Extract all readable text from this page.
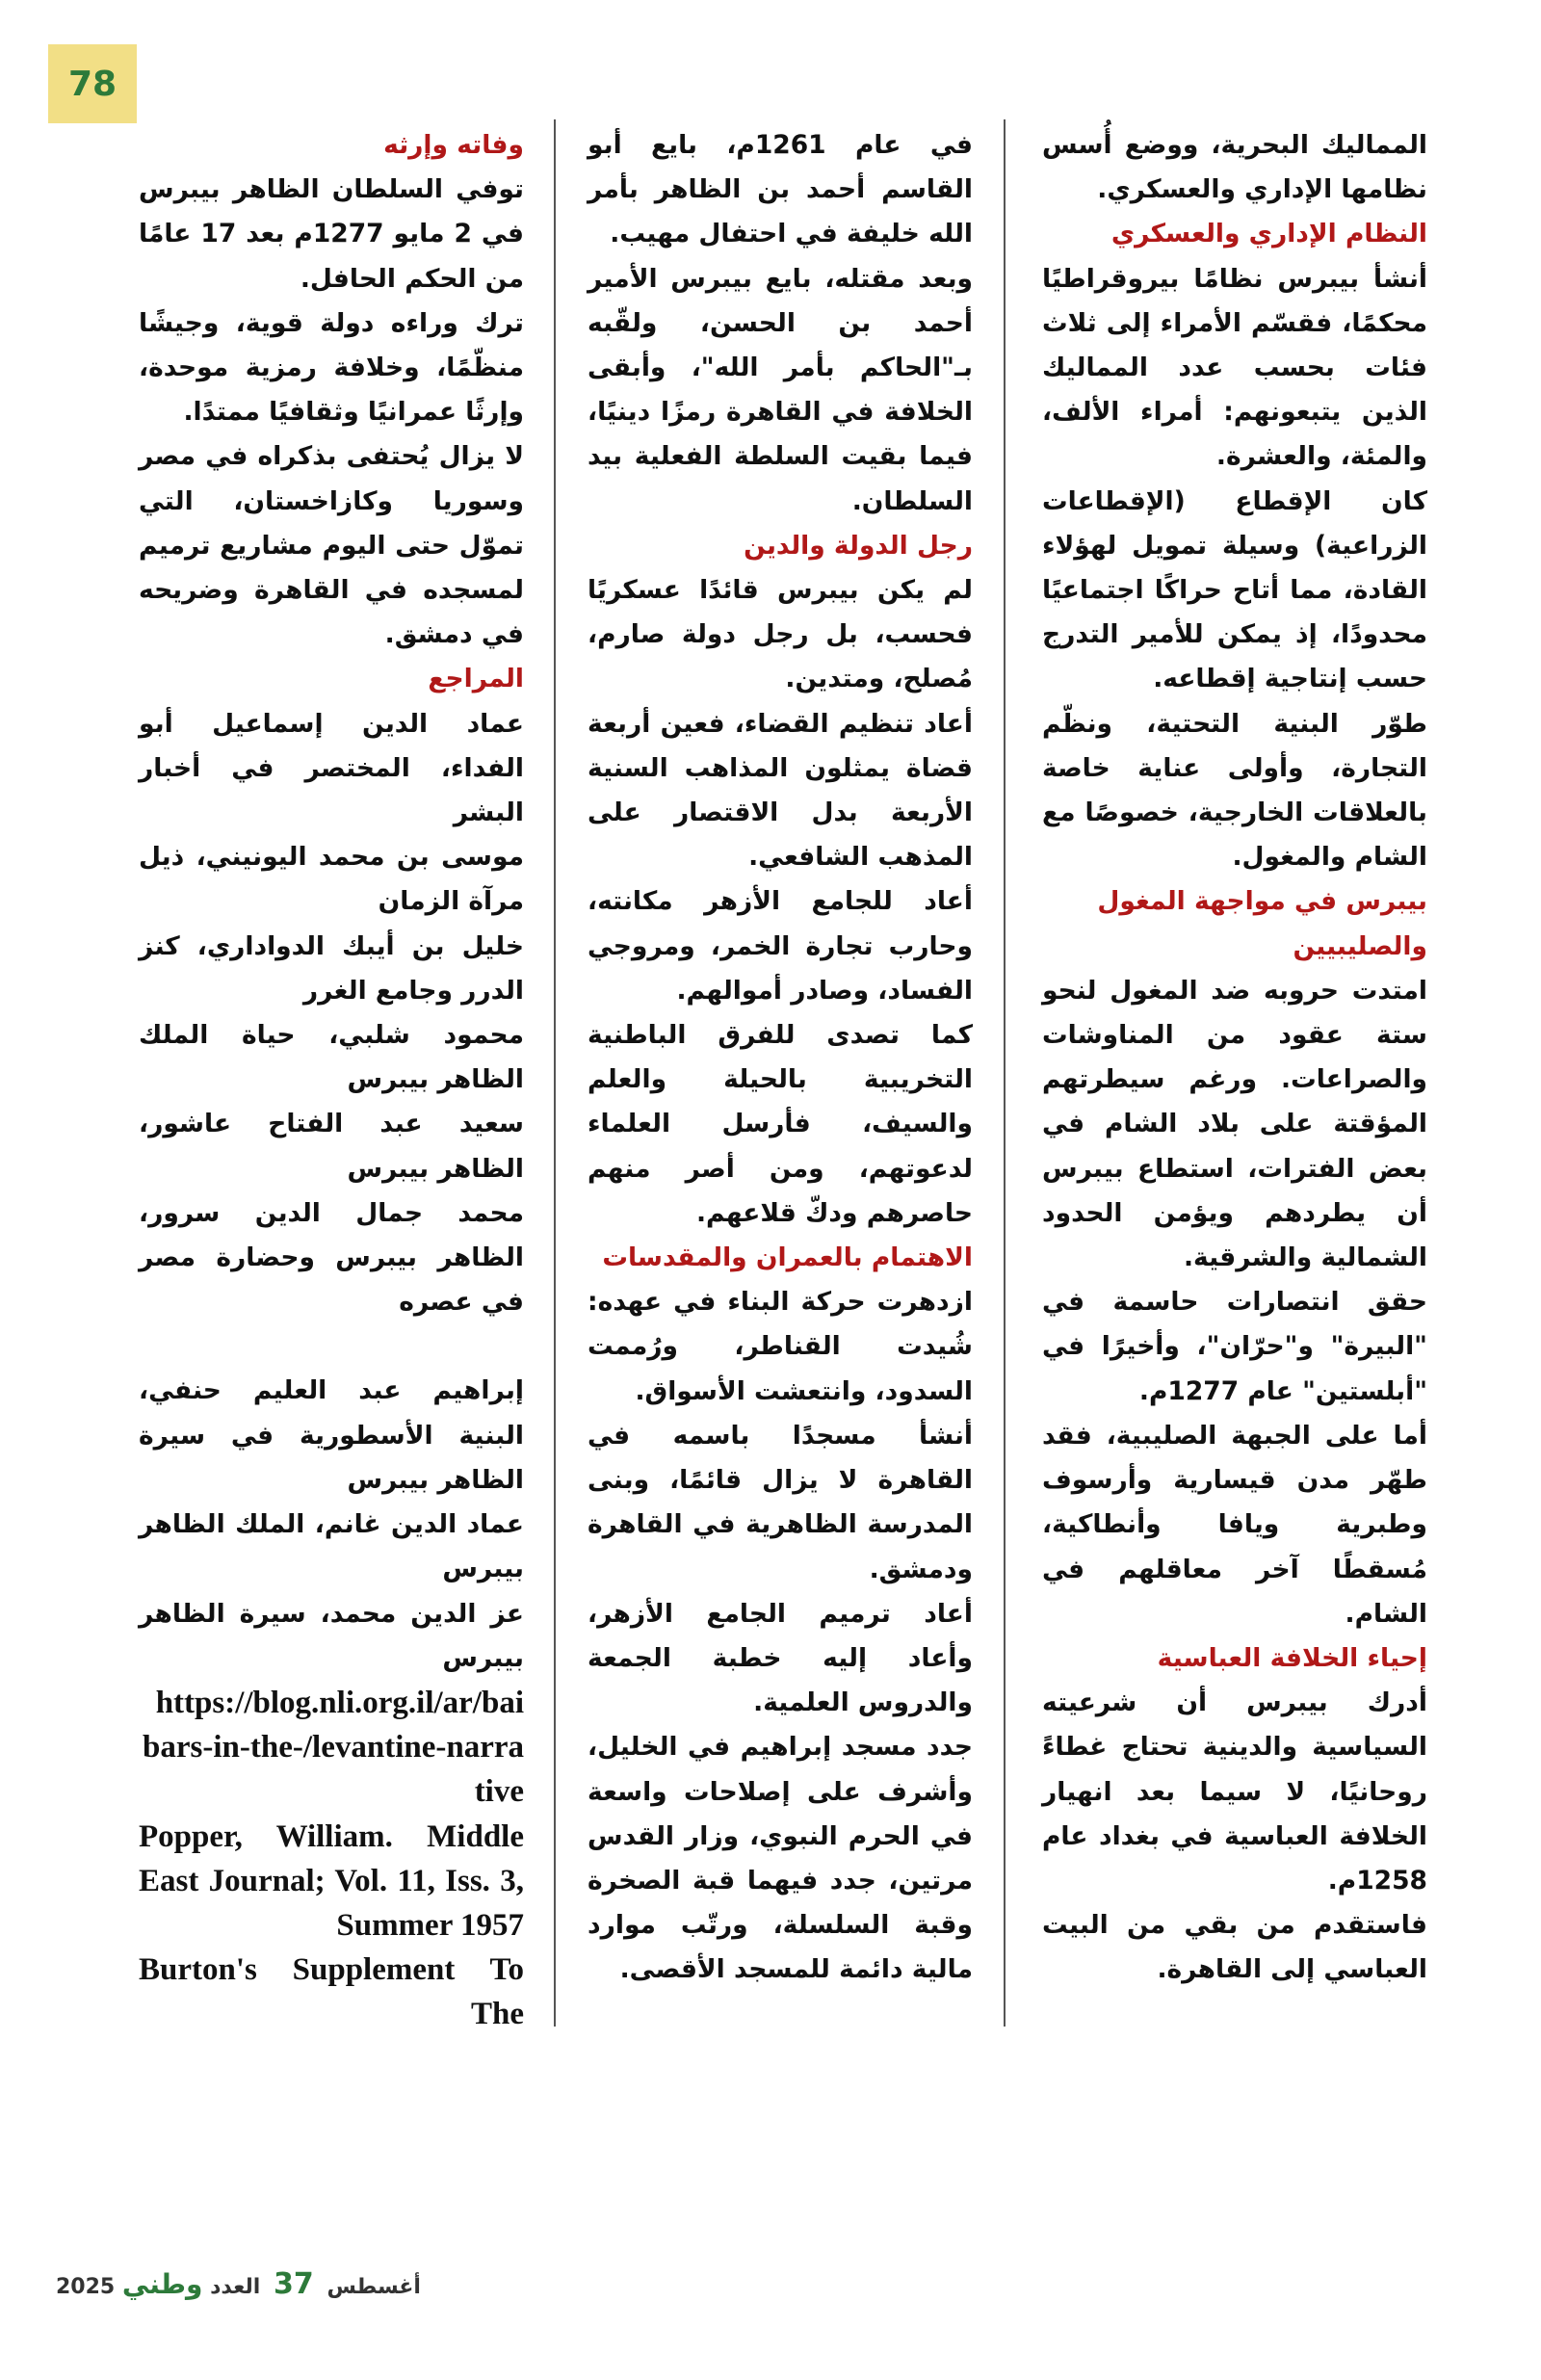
78

المماليك البحرية، ووضع أُسس نظامها الإداري والعسكري.

النظام الإداري والعسكري

أنشأ بيبرس نظامًا بيروقراطيًا محكمًا، فقسّم الأمراء إلى ثلاث فئات بحسب عدد المماليك الذين يتبعونهم: أمراء الألف، والمئة، والعشرة.

كان الإقطاع (الإقطاعات الزراعية) وسيلة تمويل لهؤلاء القادة، مما أتاح حراكًا اجتماعيًا محدودًا، إذ يمكن للأمير التدرج حسب إنتاجية إقطاعه.

طوّر البنية التحتية، ونظّم التجارة، وأولى عناية خاصة بالعلاقات الخارجية، خصوصًا مع الشام والمغول.

بيبرس في مواجهة المغول والصليبيين

امتدت حروبه ضد المغول لنحو ستة عقود من المناوشات والصراعات. ورغم سيطرتهم المؤقتة على بلاد الشام في بعض الفترات، استطاع بيبرس أن يطردهم ويؤمن الحدود الشمالية والشرقية.

حقق انتصارات حاسمة في "البيرة" و"حرّان"، وأخيرًا في "أبلستين" عام 1277م.

أما على الجبهة الصليبية، فقد طهّر مدن قيسارية وأرسوف وطبرية ويافا وأنطاكية، مُسقطًا آخر معاقلهم في الشام.

إحياء الخلافة العباسية

أدرك بيبرس أن شرعيته السياسية والدينية تحتاج غطاءً روحانيًا، لا سيما بعد انهيار الخلافة العباسية في بغداد عام 1258م.

فاستقدم من بقي من البيت العباسي إلى القاهرة.

في عام 1261م، بايع أبو القاسم أحمد بن الظاهر بأمر الله خليفة في احتفال مهيب.

وبعد مقتله، بايع بيبرس الأمير أحمد بن الحسن، ولقّبه بـ"الحاكم بأمر الله"، وأبقى الخلافة في القاهرة رمزًا دينيًا، فيما بقيت السلطة الفعلية بيد السلطان.

رجل الدولة والدين

لم يكن بيبرس قائدًا عسكريًا فحسب، بل رجل دولة صارم، مُصلح، ومتدين.

أعاد تنظيم القضاء، فعين أربعة قضاة يمثلون المذاهب السنية الأربعة بدل الاقتصار على المذهب الشافعي.

أعاد للجامع الأزهر مكانته، وحارب تجارة الخمر، ومروجي الفساد، وصادر أموالهم.

كما تصدى للفرق الباطنية التخريبية بالحيلة والعلم والسيف، فأرسل العلماء لدعوتهم، ومن أصر منهم حاصرهم ودكّ قلاعهم.

الاهتمام بالعمران والمقدسات

ازدهرت حركة البناء في عهده: شُيدت القناطر، ورُممت السدود، وانتعشت الأسواق.

أنشأ مسجدًا باسمه في القاهرة لا يزال قائمًا، وبنى المدرسة الظاهرية في القاهرة ودمشق.

أعاد ترميم الجامع الأزهر، وأعاد إليه خطبة الجمعة والدروس العلمية.

جدد مسجد إبراهيم في الخليل، وأشرف على إصلاحات واسعة في الحرم النبوي، وزار القدس مرتين، جدد فيهما قبة الصخرة وقبة السلسلة، ورتّب موارد مالية دائمة للمسجد الأقصى.

وفاته وإرثه

توفي السلطان الظاهر بيبرس في 2 مايو 1277م بعد 17 عامًا من الحكم الحافل.

ترك وراءه دولة قوية، وجيشًا منظّمًا، وخلافة رمزية موحدة، وإرثًا عمرانيًا وثقافيًا ممتدًا.

لا يزال يُحتفى بذكراه في مصر وسوريا وكازاخستان، التي تموّل حتى اليوم مشاريع ترميم لمسجده في القاهرة وضريحه في دمشق.

المراجع

عماد الدين إسماعيل أبو الفداء، المختصر في أخبار البشر

موسى بن محمد اليونيني، ذيل مرآة الزمان

خليل بن أيبك الدواداري، كنز الدرر وجامع الغرر

محمود شلبي، حياة الملك الظاهر بيبرس

سعيد عبد الفتاح عاشور، الظاهر بيبرس

محمد جمال الدين سرور، الظاهر بيبرس وحضارة مصر في عصره

إبراهيم عبد العليم حنفي، البنية الأسطورية في سيرة الظاهر بيبرس

عماد الدين غانم، الملك الظاهر بيبرس

عز الدين محمد، سيرة الظاهر بيبرس

https://blog.nli.org.il/ar/baibars-in-the-/levantine-narrative

Popper, William. Middle East Journal; Vol. 11, Iss. 3, Summer 1957

Burton's Supplement To The

2025	أغسطس 37 العدد وطني
